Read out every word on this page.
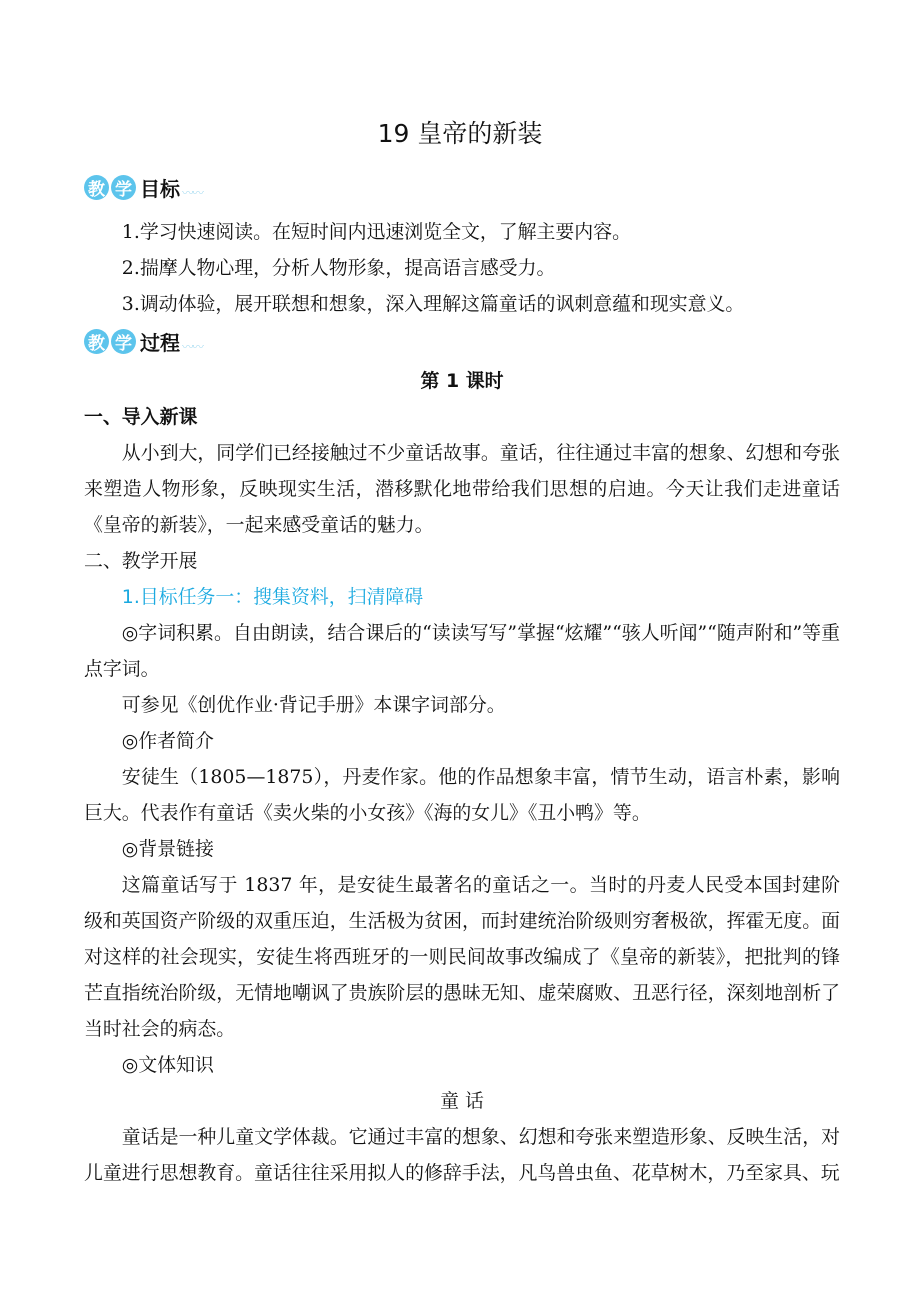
19 皇帝的新装
教 学 目标 〰〰
1.学习快速阅读。在短时间内迅速浏览全文，了解主要内容。
2.揣摩人物心理，分析人物形象，提高语言感受力。
3.调动体验，展开联想和想象，深入理解这篇童话的讽刺意蕴和现实意义。
教 学 过程 〰〰
第 1 课时
一、导入新课
从小到大，同学们已经接触过不少童话故事。童话，往往通过丰富的想象、幻想和夸张来塑造人物形象，反映现实生活，潜移默化地带给我们思想的启迪。今天让我们走进童话《皇帝的新装》，一起来感受童话的魅力。
二、教学开展
1.目标任务一：搜集资料，扫清障碍
◎字词积累。自由朗读，结合课后的“读读写写”掌握“炫耀”“骇人听闻”“随声附和”等重点字词。
可参见《创优作业·背记手册》本课字词部分。
◎作者简介
安徒生（1805—1875），丹麦作家。他的作品想象丰富，情节生动，语言朴素，影响巨大。代表作有童话《卖火柴的小女孩》《海的女儿》《丑小鸭》等。
◎背景链接
这篇童话写于 1837 年，是安徒生最著名的童话之一。当时的丹麦人民受本国封建阶级和英国资产阶级的双重压迫，生活极为贫困，而封建统治阶级则穷奢极欲，挥霍无度。面对这样的社会现实，安徒生将西班牙的一则民间故事改编成了《皇帝的新装》，把批判的锋芒直指统治阶级，无情地嘲讽了贵族阶层的愚昧无知、虚荣腐败、丑恶行径，深刻地剖析了当时社会的病态。
◎文体知识
童 话
童话是一种儿童文学体裁。它通过丰富的想象、幻想和夸张来塑造形象、反映生活，对儿童进行思想教育。童话往往采用拟人的修辞手法，凡鸟兽虫鱼、花草树木，乃至家具、玩
